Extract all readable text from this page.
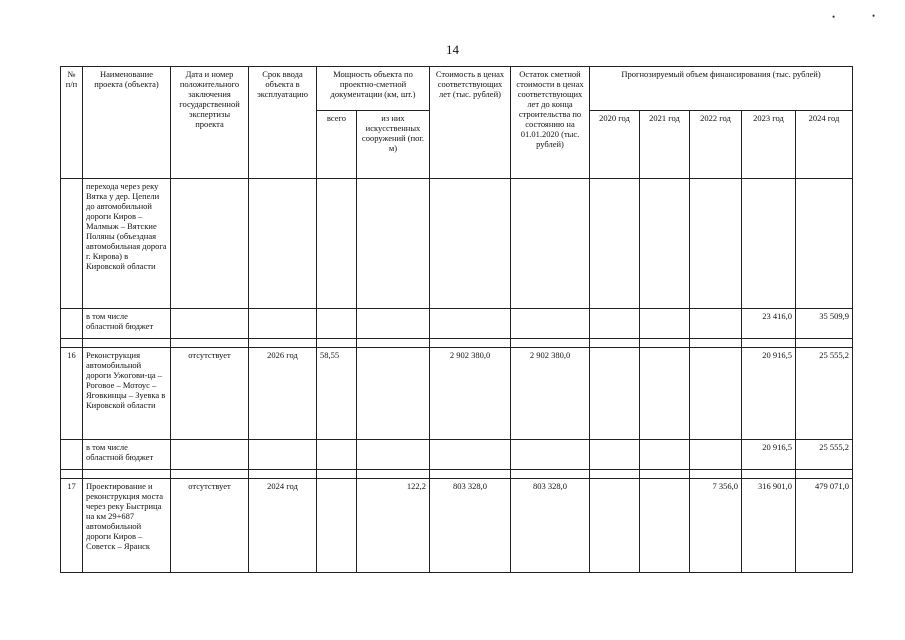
14
•	•
№ п/п	Наименование проекта (объекта)	Дата и номер положительного заключения государственной экспертизы проекта	Срок ввода объекта в эксплуатацию	Мощность объекта по проектно-сметной документации (км, шт.)		Стоимость в ценах соответствующих лет (тыс. рублей)	Остаток сметной стоимости в ценах соответствующих лет до конца строительства по состоянию на 01.01.2020 (тыс. рублей)	Прогнозируемый объем финансирования (тыс. рублей)				
				всего	из них искусственных сооружений (пог. м)			2020 год	2021 год	2022 год	2023 год	2024 год
	перехода через реку Вятка у дер. Цепели до автомобильной дороги Киров – Малмыж – Вятские Поляны (объездная автомобильная дорога г. Кирова) в Кировской области											
	в том числе областной бюджет										23 416,0	35 509,9

16	Реконструкция автомобильной дороги Ужогови-ца – Роговое – Мотоус – Яговкинцы – Зуевка в Кировской области	отсутствует	2026 год	58,55		2 902 380,0	2 902 380,0				20 916,5	25 555,2
	в том числе областной бюджет										20 916,5	25 555,2

17	Проектирование и реконструкция моста через реку Быстрица на км 29+687 автомобильной дороги Киров – Советск – Яранск	отсутствует	2024 год		122,2	803 328,0	803 328,0			7 356,0	316 901,0	479 071,0
